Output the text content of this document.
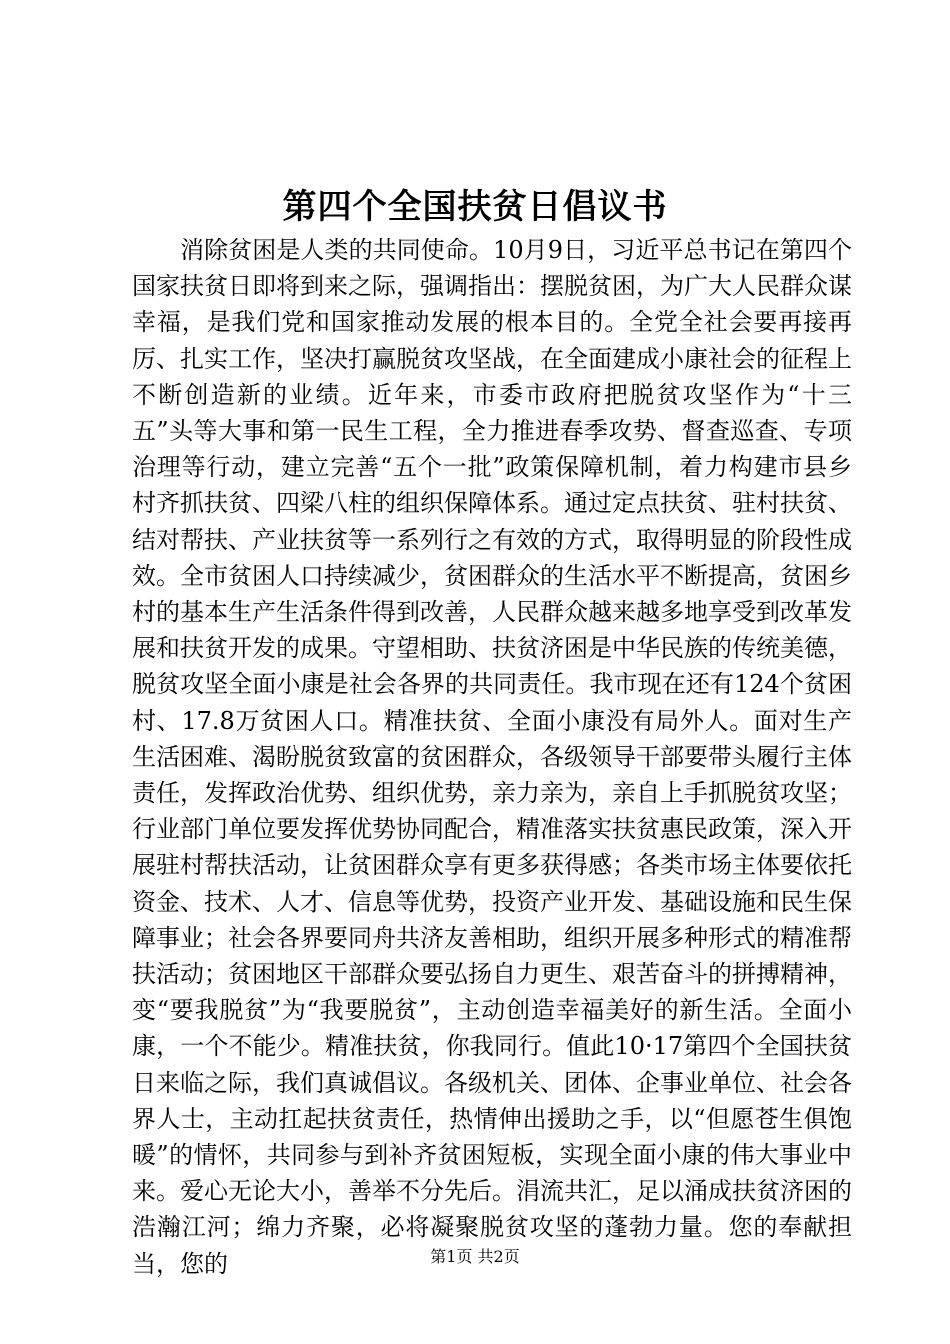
第四个全国扶贫日倡议书

消除贫困是人类的共同使命。10月9日，习近平总书记在第四个国家扶贫日即将到来之际，强调指出：摆脱贫困，为广大人民群众谋幸福，是我们党和国家推动发展的根本目的。全党全社会要再接再厉、扎实工作，坚决打赢脱贫攻坚战，在全面建成小康社会的征程上不断创造新的业绩。近年来，市委市政府把脱贫攻坚作为“十三五”头等大事和第一民生工程，全力推进春季攻势、督查巡查、专项治理等行动，建立完善“五个一批”政策保障机制，着力构建市县乡村齐抓扶贫、四梁八柱的组织保障体系。通过定点扶贫、驻村扶贫、结对帮扶、产业扶贫等一系列行之有效的方式，取得明显的阶段性成效。全市贫困人口持续减少，贫困群众的生活水平不断提高，贫困乡村的基本生产生活条件得到改善，人民群众越来越多地享受到改革发展和扶贫开发的成果。守望相助、扶贫济困是中华民族的传统美德，脱贫攻坚全面小康是社会各界的共同责任。我市现在还有124个贫困村、17.8万贫困人口。精准扶贫、全面小康没有局外人。面对生产生活困难、渴盼脱贫致富的贫困群众，各级领导干部要带头履行主体责任，发挥政治优势、组织优势，亲力亲为，亲自上手抓脱贫攻坚；行业部门单位要发挥优势协同配合，精准落实扶贫惠民政策，深入开展驻村帮扶活动，让贫困群众享有更多获得感；各类市场主体要依托资金、技术、人才、信息等优势，投资产业开发、基础设施和民生保障事业；社会各界要同舟共济友善相助，组织开展多种形式的精准帮扶活动；贫困地区干部群众要弘扬自力更生、艰苦奋斗的拼搏精神，变“要我脱贫”为“我要脱贫”，主动创造幸福美好的新生活。全面小康，一个不能少。精准扶贫，你我同行。值此10·17第四个全国扶贫日来临之际，我们真诚倡议。各级机关、团体、企事业单位、社会各界人士，主动扛起扶贫责任，热情伸出援助之手，以“但愿苍生俱饱暖”的情怀，共同参与到补齐贫困短板，实现全面小康的伟大事业中来。爱心无论大小，善举不分先后。涓流共汇，足以涌成扶贫济困的浩瀚江河；绵力齐聚，必将凝聚脱贫攻坚的蓬勃力量。您的奉献担当，您的	第1页 共2页
